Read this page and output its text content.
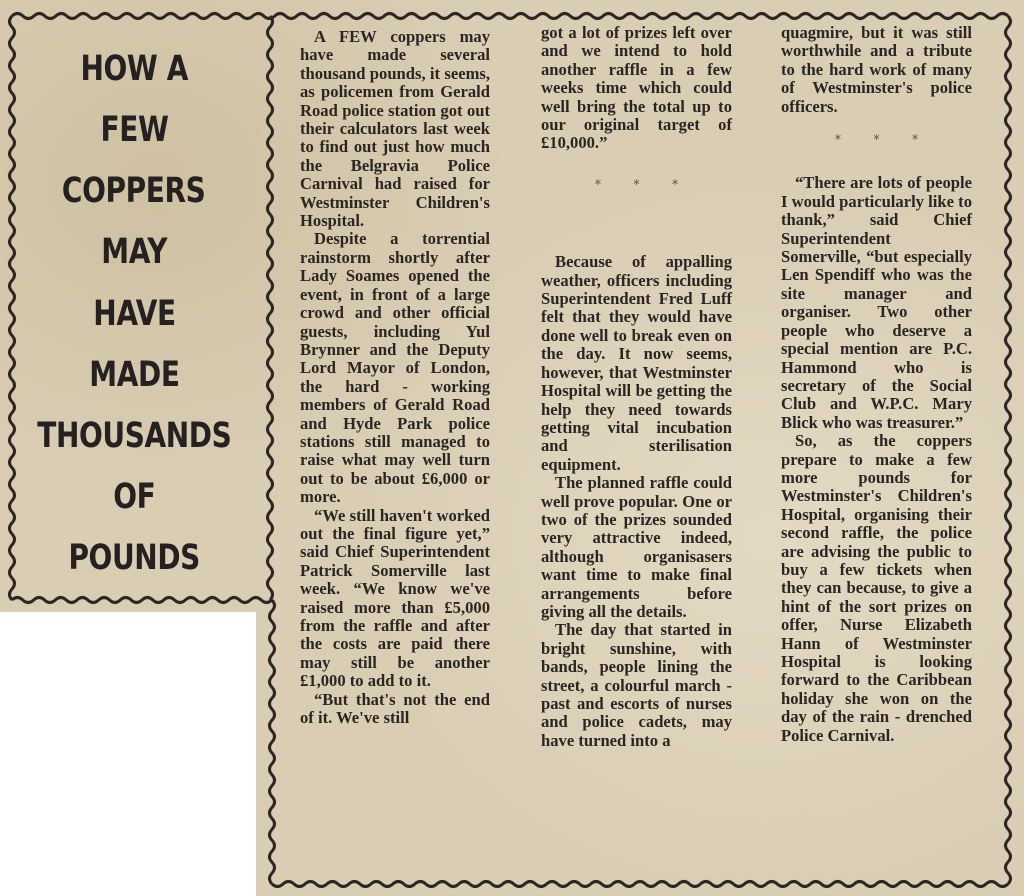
HOW A
FEW
COPPERS
MAY
HAVE
MADE
THOUSANDS
OF
POUNDS

A FEW coppers may have made several thousand pounds, it seems, as policemen from Gerald Road police station got out their calculators last week to find out just how much the Belgravia Police Carnival had raised for Westminster Children's Hospital.

Despite a torrential rainstorm shortly after Lady Soames opened the event, in front of a large crowd and other official guests, including Yul Brynner and the Deputy Lord Mayor of London, the hard - working members of Gerald Road and Hyde Park police stations still managed to raise what may well turn out to be about £6,000 or more.

“We still haven't worked out the final figure yet,” said Chief Superintendent Patrick Somerville last week. “We know we've raised more than £5,000 from the raffle and after the costs are paid there may still be another £1,000 to add to it.

“But that's not the end of it. We've still

got a lot of prizes left over and we intend to hold another raffle in a few weeks time which could well bring the total up to our original target of £10,000.”

* * *

Because of appalling weather, officers including Superintendent Fred Luff felt that they would have done well to break even on the day. It now seems, however, that Westminster Hospital will be getting the help they need towards getting vital incubation and sterilisation equipment.

The planned raffle could well prove popular. One or two of the prizes sounded very attractive indeed, although organisasers want time to make final arrangements before giving all the details.

The day that started in bright sunshine, with bands, people lining the street, a colourful march - past and escorts of nurses and police cadets, may have turned into a

quagmire, but it was still worthwhile and a tribute to the hard work of many of Westminster's police officers.

* * *

“There are lots of people I would particularly like to thank,” said Chief Superintendent Somerville, “but especially Len Spendiff who was the site manager and organiser. Two other people who deserve a special mention are P.C. Hammond who is secretary of the Social Club and W.P.C. Mary Blick who was treasurer.”

So, as the coppers prepare to make a few more pounds for Westminster's Children's Hospital, organising their second raffle, the police are advising the public to buy a few tickets when they can because, to give a hint of the sort prizes on offer, Nurse Elizabeth Hann of Westminster Hospital is looking forward to the Caribbean holiday she won on the day of the rain - drenched Police Carnival.
